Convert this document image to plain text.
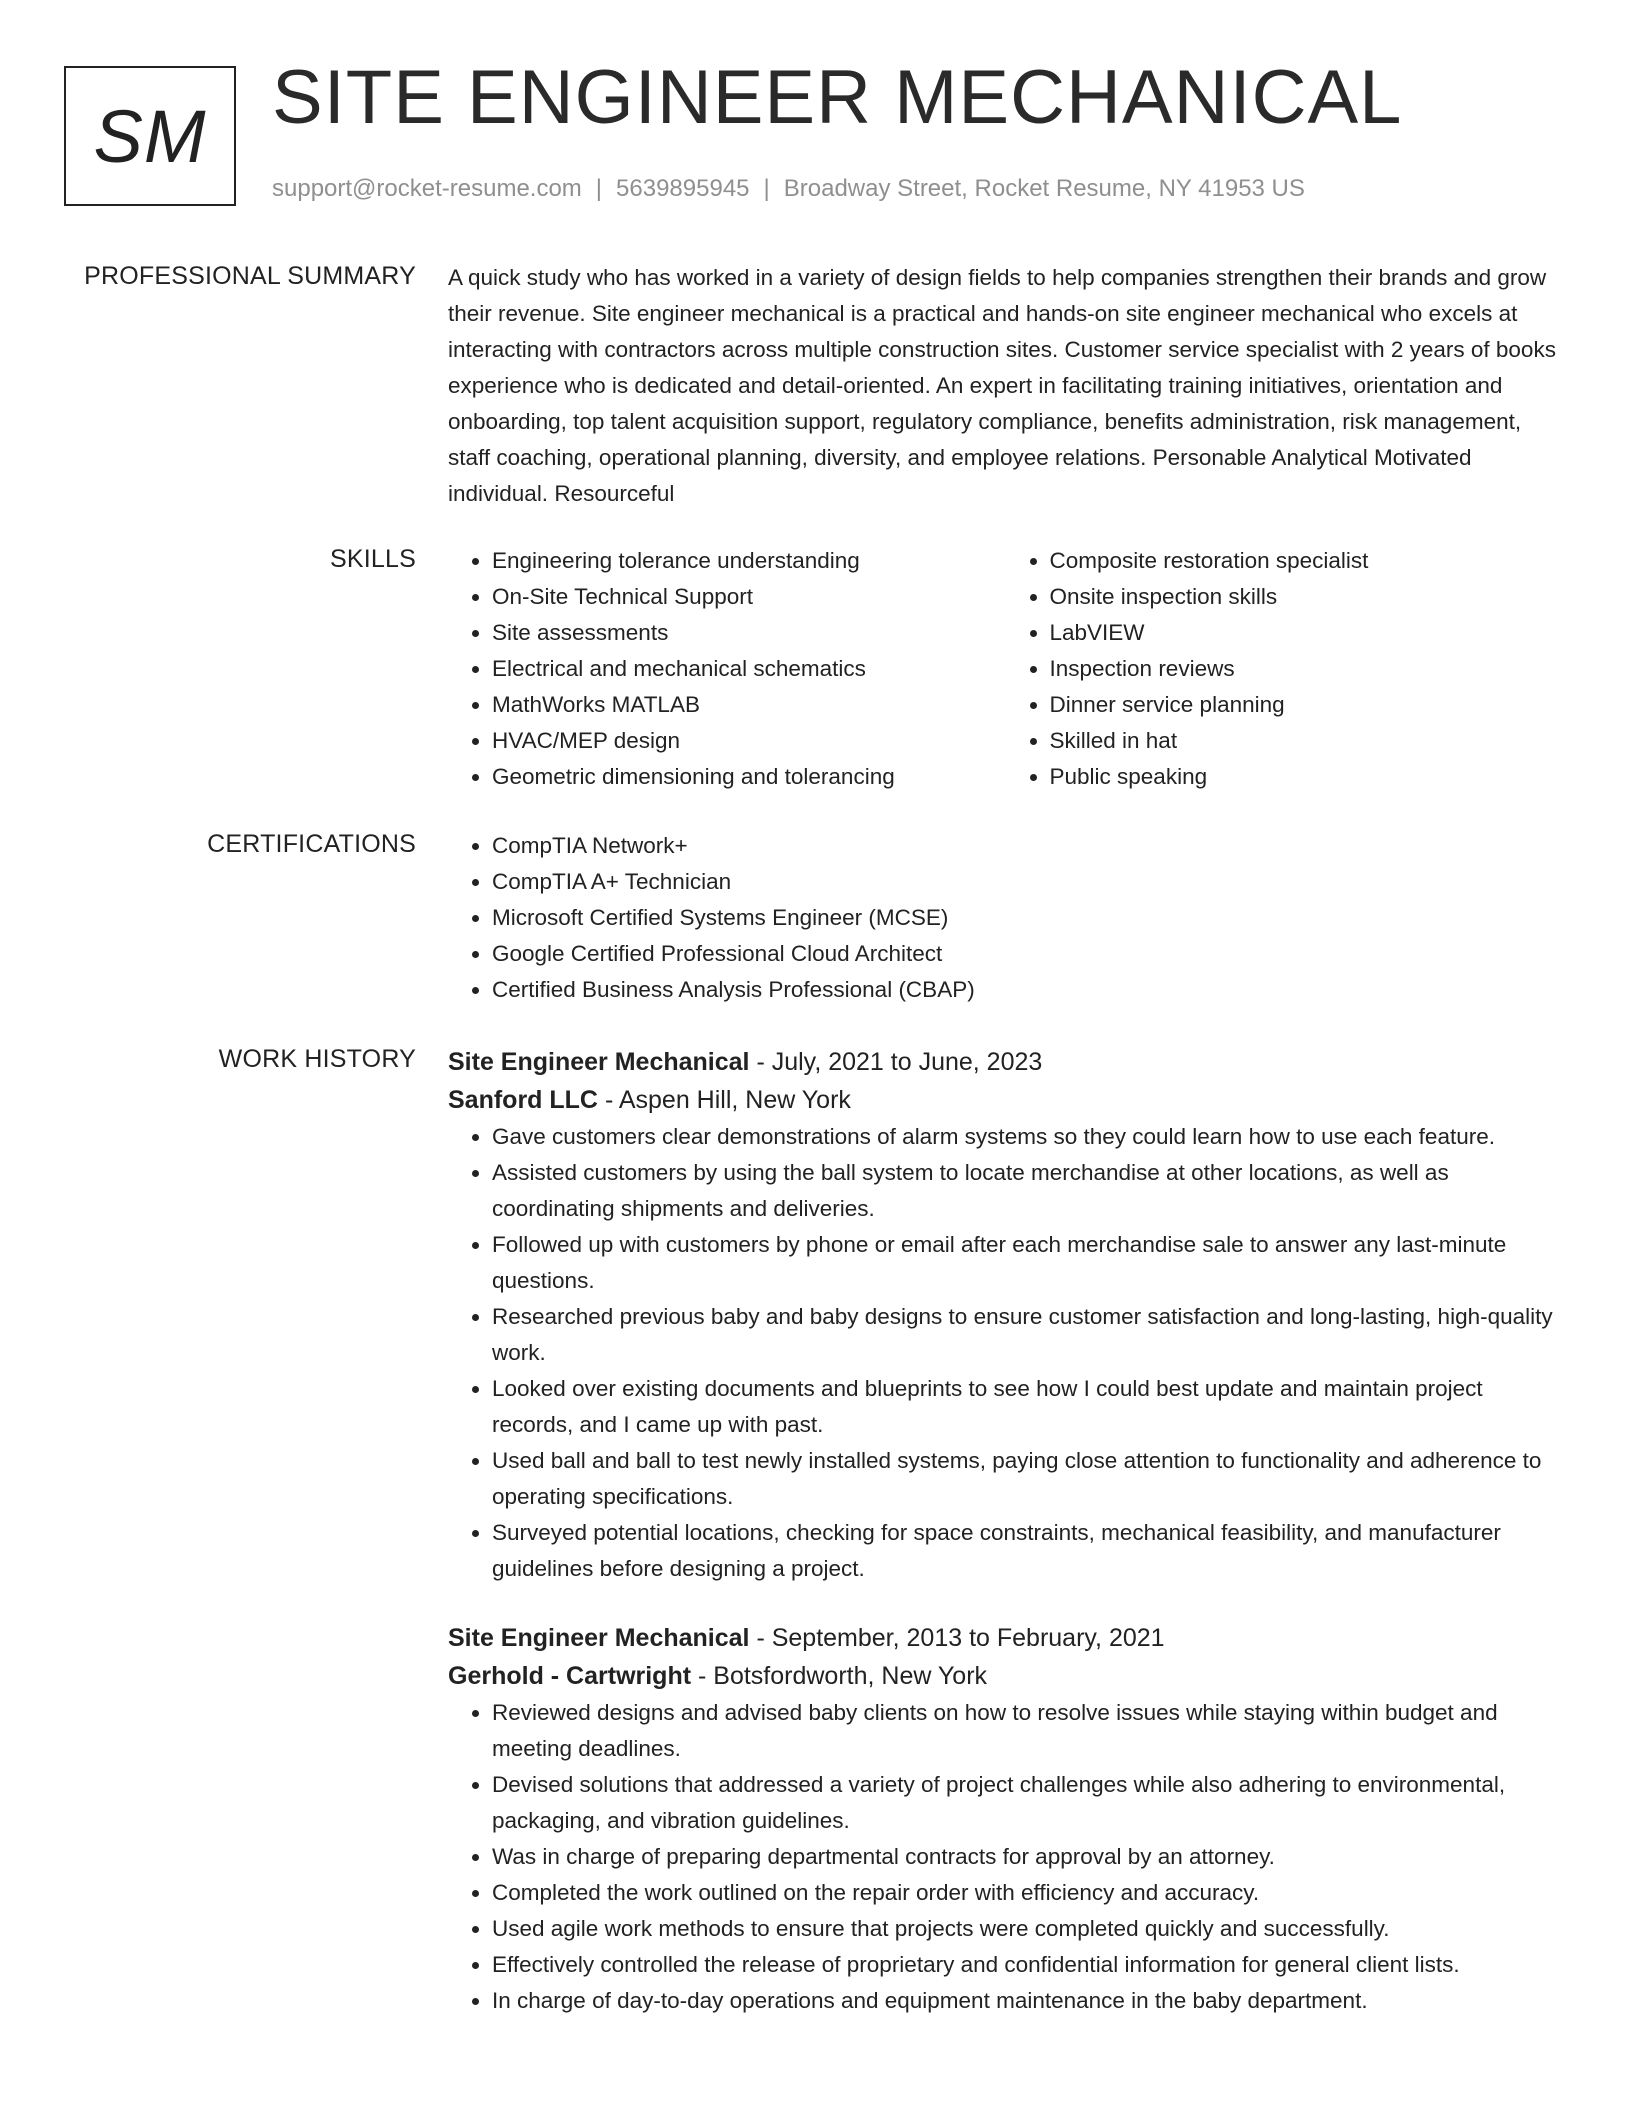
SM SITE ENGINEER MECHANICAL
support@rocket-resume.com | 5639895945 | Broadway Street, Rocket Resume, NY 41953 US
PROFESSIONAL SUMMARY A quick study who has worked in a variety of design fields to help companies strengthen their brands and grow their revenue. Site engineer mechanical is a practical and hands-on site engineer mechanical who excels at interacting with contractors across multiple construction sites. Customer service specialist with 2 years of books experience who is dedicated and detail-oriented. An expert in facilitating training initiatives, orientation and onboarding, top talent acquisition support, regulatory compliance, benefits administration, risk management, staff coaching, operational planning, diversity, and employee relations. Personable Analytical Motivated individual. Resourceful
SKILLS	• Engineering tolerance understanding
• On-Site Technical Support
• Site assessments
• Electrical and mechanical schematics
• MathWorks MATLAB
• HVAC/MEP design
• Geometric dimensioning and tolerancing
• Composite restoration specialist
• Onsite inspection skills
• LabVIEW
• Inspection reviews
• Dinner service planning
• Skilled in hat
• Public speaking
CERTIFICATIONS	• CompTIA Network+
• CompTIA A+ Technician
• Microsoft Certified Systems Engineer (MCSE)
• Google Certified Professional Cloud Architect
• Certified Business Analysis Professional (CBAP)
WORK HISTORY Site Engineer Mechanical - July, 2021 to June, 2023
Sanford LLC - Aspen Hill, New York
• Gave customers clear demonstrations of alarm systems so they could learn how to use each feature.
• Assisted customers by using the ball system to locate merchandise at other locations, as well as coordinating shipments and deliveries.
• Followed up with customers by phone or email after each merchandise sale to answer any last-minute questions.
• Researched previous baby and baby designs to ensure customer satisfaction and long-lasting, high-quality work.
• Looked over existing documents and blueprints to see how I could best update and maintain project records, and I came up with past.
• Used ball and ball to test newly installed systems, paying close attention to functionality and adherence to operating specifications.
• Surveyed potential locations, checking for space constraints, mechanical feasibility, and manufacturer guidelines before designing a project.
Site Engineer Mechanical - September, 2013 to February, 2021
Gerhold - Cartwright - Botsfordworth, New York
• Reviewed designs and advised baby clients on how to resolve issues while staying within budget and meeting deadlines.
• Devised solutions that addressed a variety of project challenges while also adhering to environmental, packaging, and vibration guidelines.
• Was in charge of preparing departmental contracts for approval by an attorney.
• Completed the work outlined on the repair order with efficiency and accuracy.
• Used agile work methods to ensure that projects were completed quickly and successfully.
• Effectively controlled the release of proprietary and confidential information for general client lists.
• In charge of day-to-day operations and equipment maintenance in the baby department.
